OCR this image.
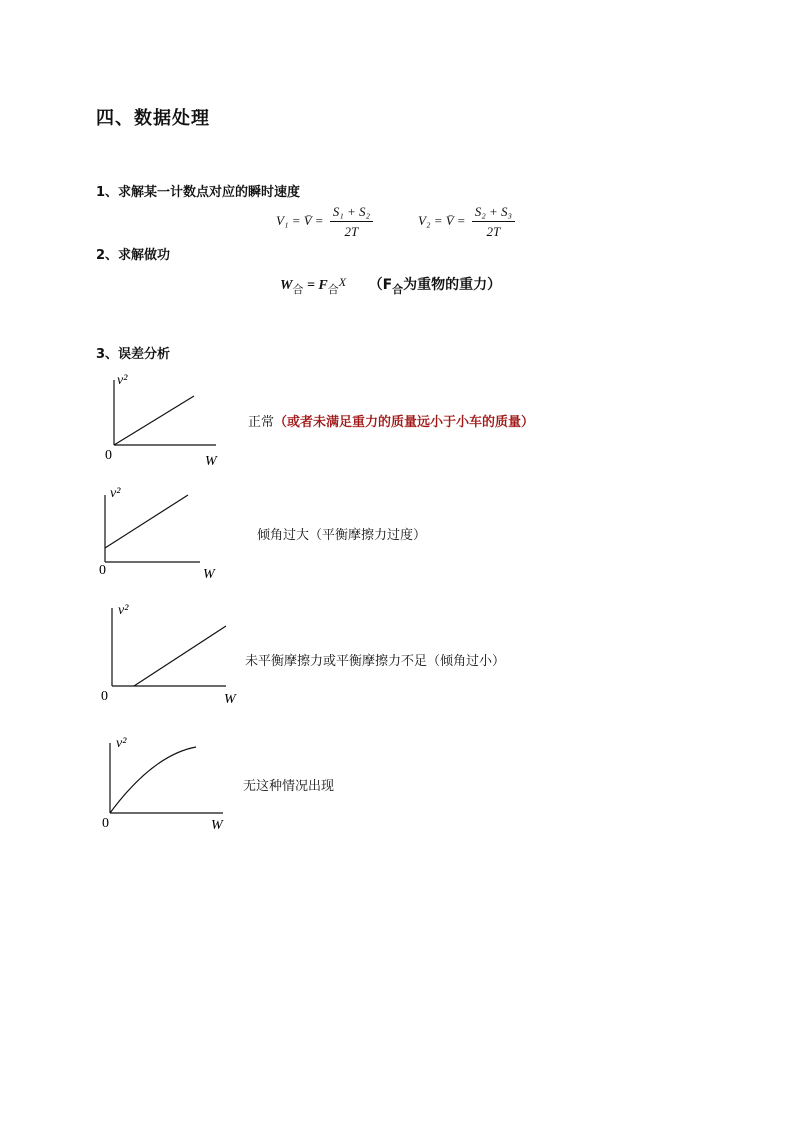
四、数据处理
1、求解某一计数点对应的瞬时速度
V₁ = V̄ = $\frac{\text{S₁ + S₂}}{2T}$	V₂ = V̄ = $\frac{\text{S₂ + S₃}}{2T}$
2、求解做功
$W_合 = F_合X$ （$F_合$为重物的重力）
3、误差分析
v²
0	W
正常（或者未满足重力的质量远小于小车的质量）
v²
0	W
倾角过大（平衡摩擦力过度）
v²
0	W
未平衡摩擦力或平衡摩擦力不足（倾角过小）
v²
0	W
无这种情况出现
